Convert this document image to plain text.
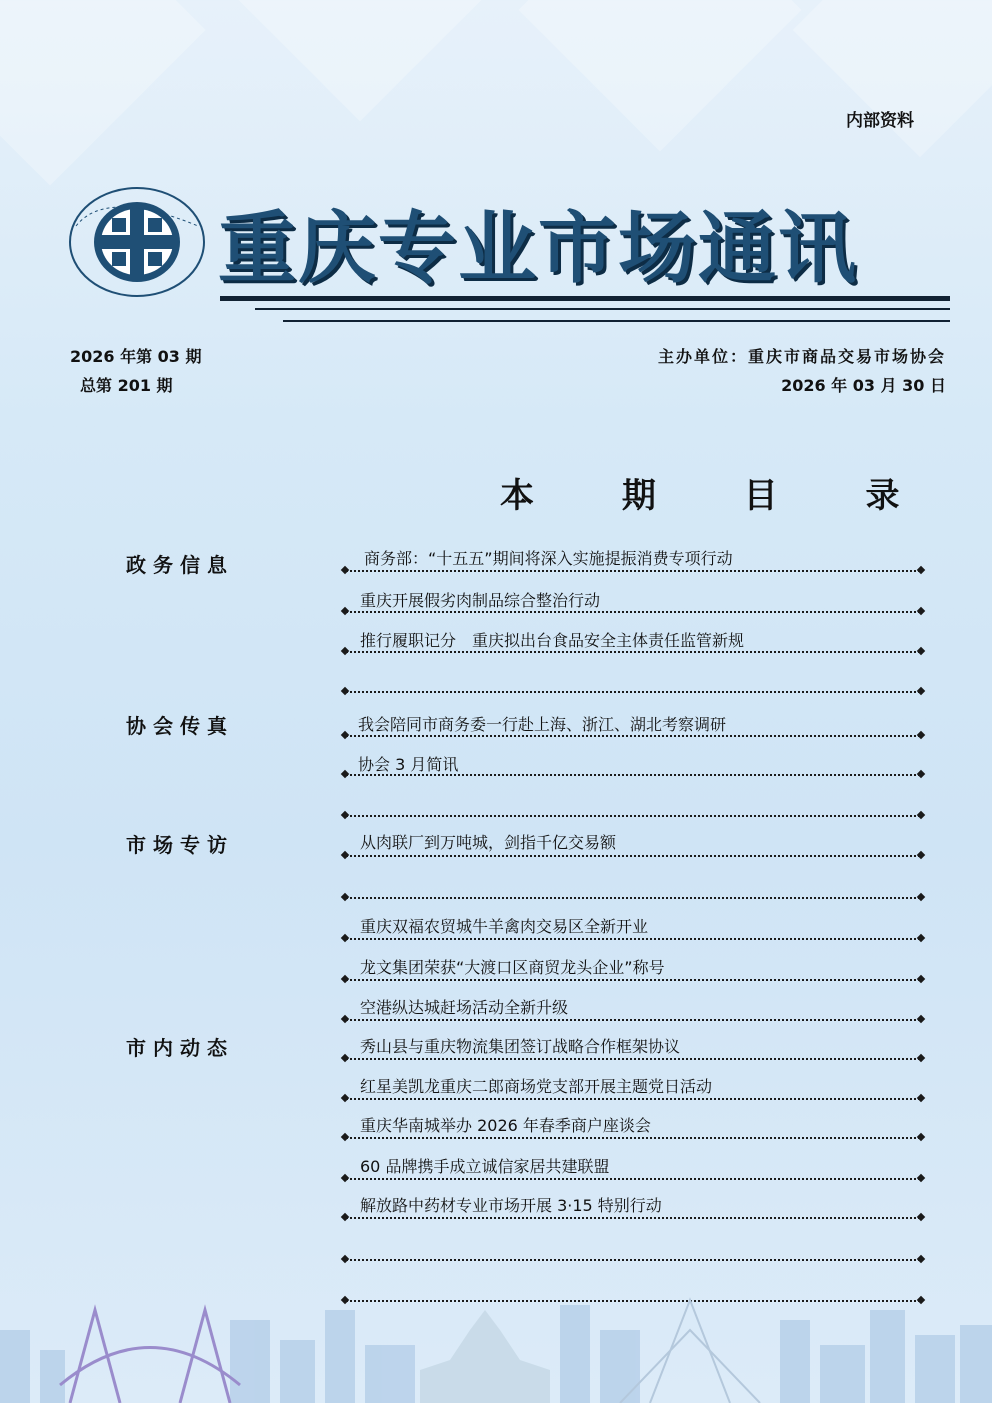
内部资料
重庆专业市场通讯
2026 年第 03 期
总第 201 期
主办单位：重庆市商品交易市场协会
2026 年 03 月 30 日
本 期 目 录
政务信息
协会传真
市场专访
市内动态
商务部：“十五五”期间将深入实施提振消费专项行动
重庆开展假劣肉制品综合整治行动
推行履职记分　重庆拟出台食品安全主体责任监管新规
我会陪同市商务委一行赴上海、浙江、湖北考察调研
协会 3 月简讯
从肉联厂到万吨城，剑指千亿交易额
重庆双福农贸城牛羊禽肉交易区全新开业
龙文集团荣获“大渡口区商贸龙头企业”称号
空港纵达城赶场活动全新升级
秀山县与重庆物流集团签订战略合作框架协议
红星美凯龙重庆二郎商场党支部开展主题党日活动
重庆华南城举办 2026 年春季商户座谈会
60 品牌携手成立诚信家居共建联盟
解放路中药材专业市场开展 3·15 特别行动
